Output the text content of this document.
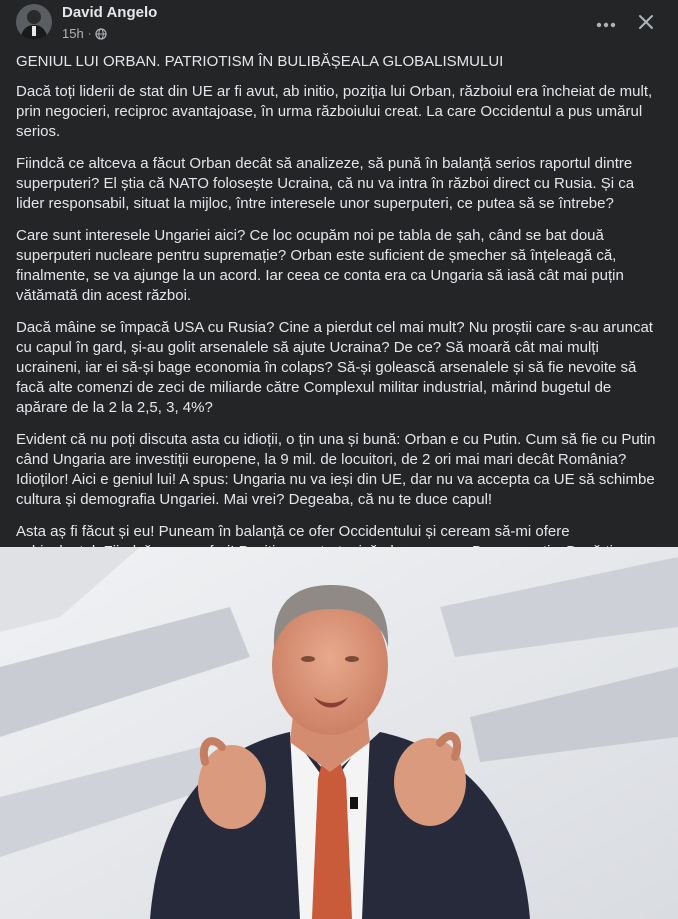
David Angelo
15h ·

GENIUL LUI ORBAN. PATRIOTISM ÎN BULIBĂȘEALA GLOBALISMULUI

Dacă toți liderii de stat din UE ar fi avut, ab initio, poziția lui Orban, războiul era încheiat de mult, prin negocieri, reciproc avantajoase, în urma războiului creat. La care Occidentul a pus umărul serios.

Fiindcă ce altceva a făcut Orban decât să analizeze, să pună în balanță serios raportul dintre superputeri? El știa că NATO folosește Ucraina, că nu va intra în război direct cu Rusia. Și ca lider responsabil, situat la mijloc, între interesele unor superputeri, ce putea să se întrebe?

Care sunt interesele Ungariei aici? Ce loc ocupăm noi pe tabla de șah, când se bat două superputeri nucleare pentru supremație? Orban este suficient de șmecher să înțeleagă că, finalmente, se va ajunge la un acord. Iar ceea ce conta era ca Ungaria să iasă cât mai puțin vătămată din acest război.

Dacă mâine se împacă USA cu Rusia? Cine a pierdut cel mai mult? Nu proștii care s-au aruncat cu capul în gard, și-au golit arsenalele să ajute Ucraina? De ce? Să moară cât mai mulți ucraineni, iar ei să-și bage economia în colaps? Să-și golească arsenalele și să fie nevoite să facă alte comenzi de zeci de miliarde către Complexul militar industrial, mărind bugetul de apărare de la 2 la 2,5, 3, 4%?

Evident că nu poți discuta asta cu idioții, o țin una și bună: Orban e cu Putin. Cum să fie cu Putin când Ungaria are investiții europene, la 9 mil. de locuitori, de 2 ori mai mari decât România? Idioților! Aici e geniul lui! A spus: Ungaria nu va ieși din UE, dar nu va accepta ca UE să schimbe cultura și demografia Ungariei. Mai vrei? Degeaba, că nu te duce capul!

Asta aș fi făcut și eu! Puneam în balanță ce ofer Occidentului și ceream să-mi ofere
